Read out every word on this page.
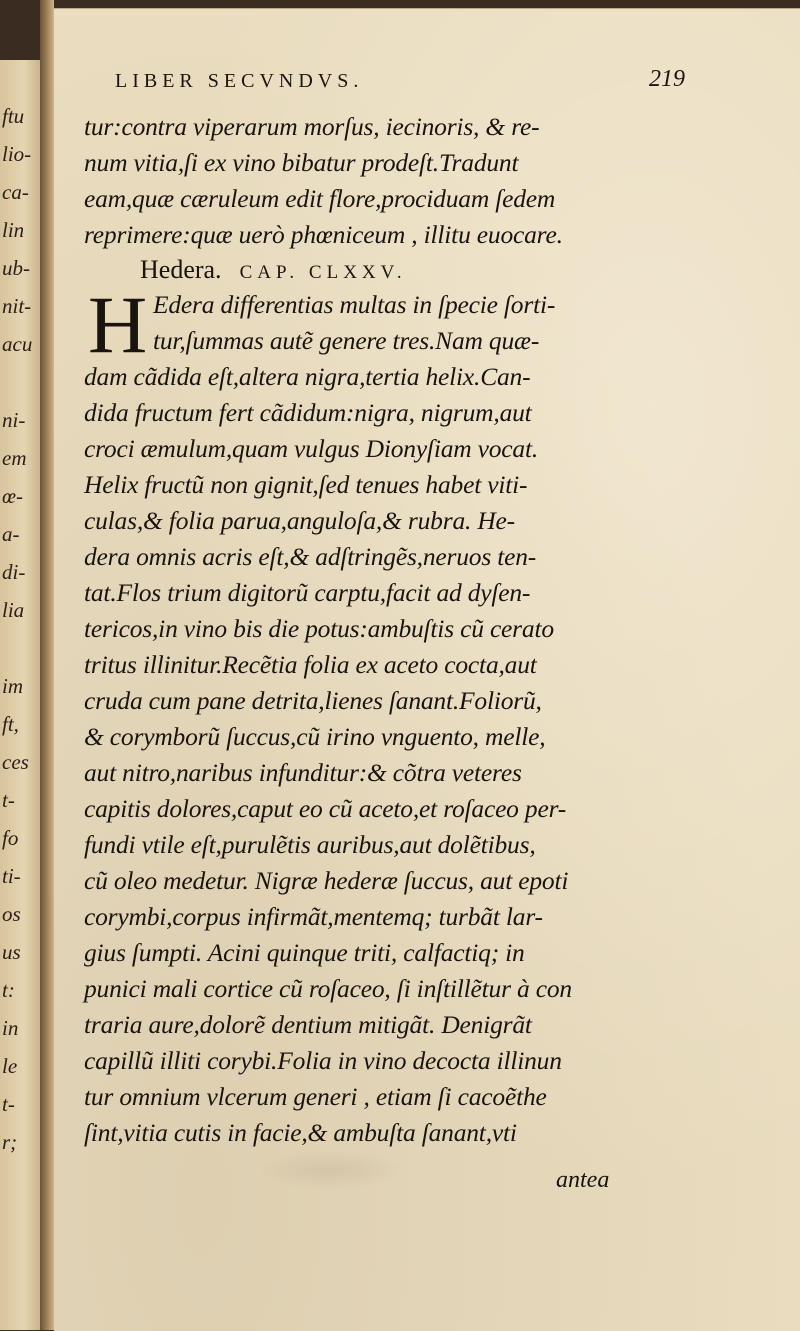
ftu
lio-
ca-
lin
ub-
nit-
acu
ni-
em
œ-
a-
di-
lia
im
ft,
ces
t-
fo
ti-
os
us
t:
in
le
t-
r;
LIBER SECVNDVS.	219
tur:contra viperarum morſus, iecinoris, & re-
num vitia,ſi ex vino bibatur prodeſt.Tradunt
eam,quæ cæruleum edit flore,prociduam ſedem
reprimere:quæ uerò phœniceum , illitu euocare.
Hedera. CAP. CLXXV.
H Edera differentias multas in ſpecie ſorti-
tur,ſummas autẽ genere tres.Nam quæ-
dam cãdida eſt,altera nigra,tertia helix.Can-
dida fructum fert cãdidum:nigra, nigrum,aut
croci æmulum,quam vulgus Dionyſiam vocat.
Helix fructũ non gignit,ſed tenues habet viti-
culas,& folia parua,anguloſa,& rubra. He-
dera omnis acris eſt,& adſtringẽs,neruos ten-
tat.Flos trium digitorũ carptu,facit ad dyſen-
tericos,in vino bis die potus:ambuſtis cũ cerato
tritus illinitur.Recẽtia folia ex aceto cocta,aut
cruda cum pane detrita,lienes ſanant.Foliorũ,
& corymborũ ſuccus,cũ irino vnguento, melle,
aut nitro,naribus infunditur:& cõtra veteres
capitis dolores,caput eo cũ aceto,et roſaceo per-
fundi vtile eſt,purulẽtis auribus,aut dolẽtibus,
cũ oleo medetur. Nigræ hederæ ſuccus, aut epoti
corymbi,corpus infirmãt,mentemq; turbãt lar-
gius ſumpti. Acini quinque triti, calfactiq; in
punici mali cortice cũ roſaceo, ſi inſtillẽtur à con
traria aure,dolorẽ dentium mitigãt. Denigrãt
capillũ illiti corybi.Folia in vino decocta illinun
tur omnium vlcerum generi , etiam ſi cacoẽthe
ſint,vitia cutis in facie,& ambuſta ſanant,vti
antea
